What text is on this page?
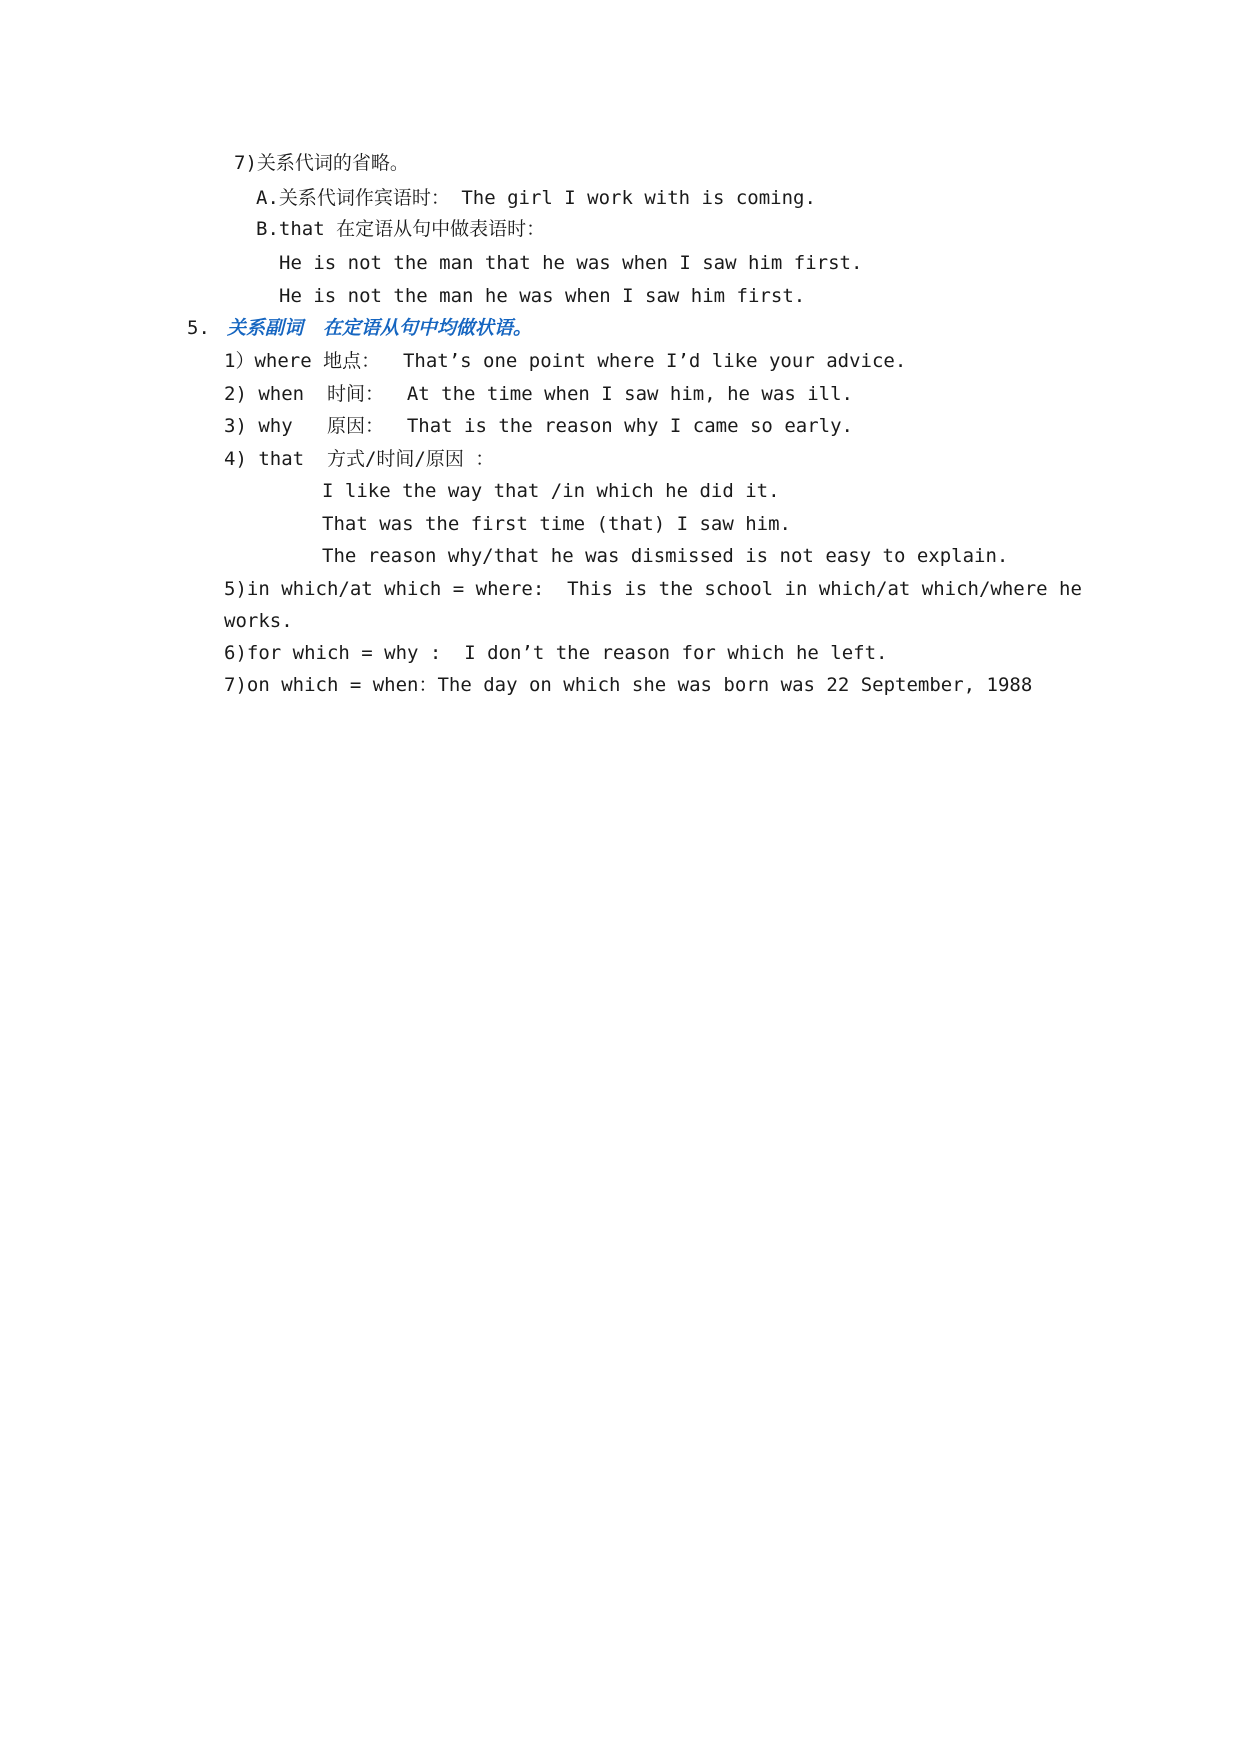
7)关系代词的省略。
A.关系代词作宾语时： The girl I work with is coming.
B.that 在定语从句中做表语时：
He is not the man that he was when I saw him first.
He is not the man he was when I saw him first.
5. 关系副词   在定语从句中均做状语。
1）where 地点：  That’s one point where I’d like your advice.
2) when  时间：  At the time when I saw him, he was ill.
3) why   原因：  That is the reason why I came so early.
4) that  方式/时间/原因 ：
I like the way that /in which he did it.
That was the first time (that) I saw him.
The reason why/that he was dismissed is not easy to explain.
5)in which/at which = where:  This is the school in which/at which/where he
works.
6)for which = why :  I don’t the reason for which he left.
7)on which = when：The day on which she was born was 22 September, 1988
